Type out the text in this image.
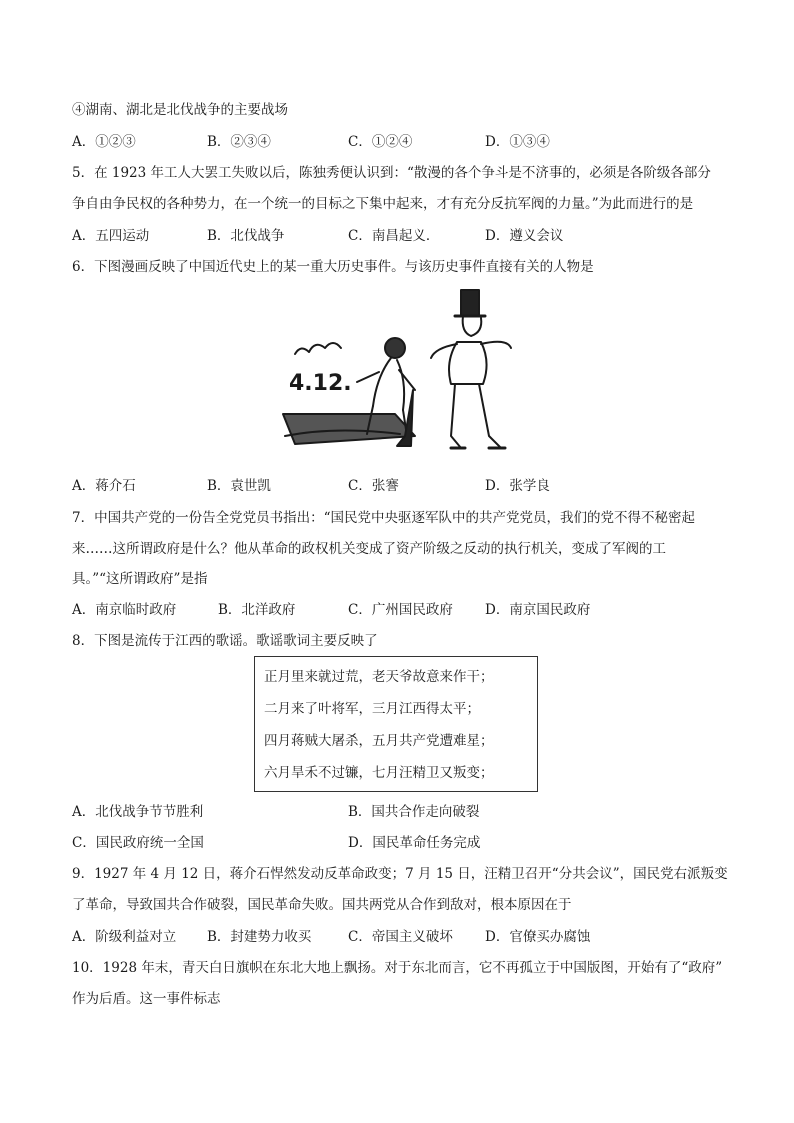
④湖南、湖北是北伐战争的主要战场
A．①②③	B．②③④	C．①②④	D．①③④
5．在 1923 年工人大罢工失败以后，陈独秀便认识到：“散漫的各个争斗是不济事的，必须是各阶级各部分
争自由争民权的各种势力，在一个统一的目标之下集中起来，才有充分反抗军阀的力量。”为此而进行的是
A．五四运动	B．北伐战争	C．南昌起义．	D．遵义会议
6．下图漫画反映了中国近代史上的某一重大历史事件。与该历史事件直接有关的人物是
4.12.
A．蒋介石	B．袁世凯	C．张謇	D．张学良
7．中国共产党的一份告全党党员书指出：“国民党中央驱逐军队中的共产党党员，我们的党不得不秘密起
来……这所谓政府是什么？他从革命的政权机关变成了资产阶级之反动的执行机关，变成了军阀的工
具。”“这所谓政府”是指
A．南京临时政府	B．北洋政府	C．广州国民政府 D．南京国民政府
8．下图是流传于江西的歌谣。歌谣歌词主要反映了
正月里来就过荒，老天爷故意来作干；
二月来了叶将军，三月江西得太平；
四月蒋贼大屠杀，五月共产党遭难星；
六月旱禾不过镰，七月汪精卫又叛变；
A．北伐战争节节胜利	B．国共合作走向破裂
C．国民政府统一全国	D．国民革命任务完成
9．1927 年 4 月 12 日，蒋介石悍然发动反革命政变；7 月 15 日，汪精卫召开“分共会议”，国民党右派叛变
了革命，导致国共合作破裂，国民革命失败。国共两党从合作到敌对，根本原因在于
A．阶级利益对立 B．封建势力收买	C．帝国主义破坏 D．官僚买办腐蚀
10．1928 年末，青天白日旗帜在东北大地上飘扬。对于东北而言，它不再孤立于中国版图，开始有了“政府”
作为后盾。这一事件标志
